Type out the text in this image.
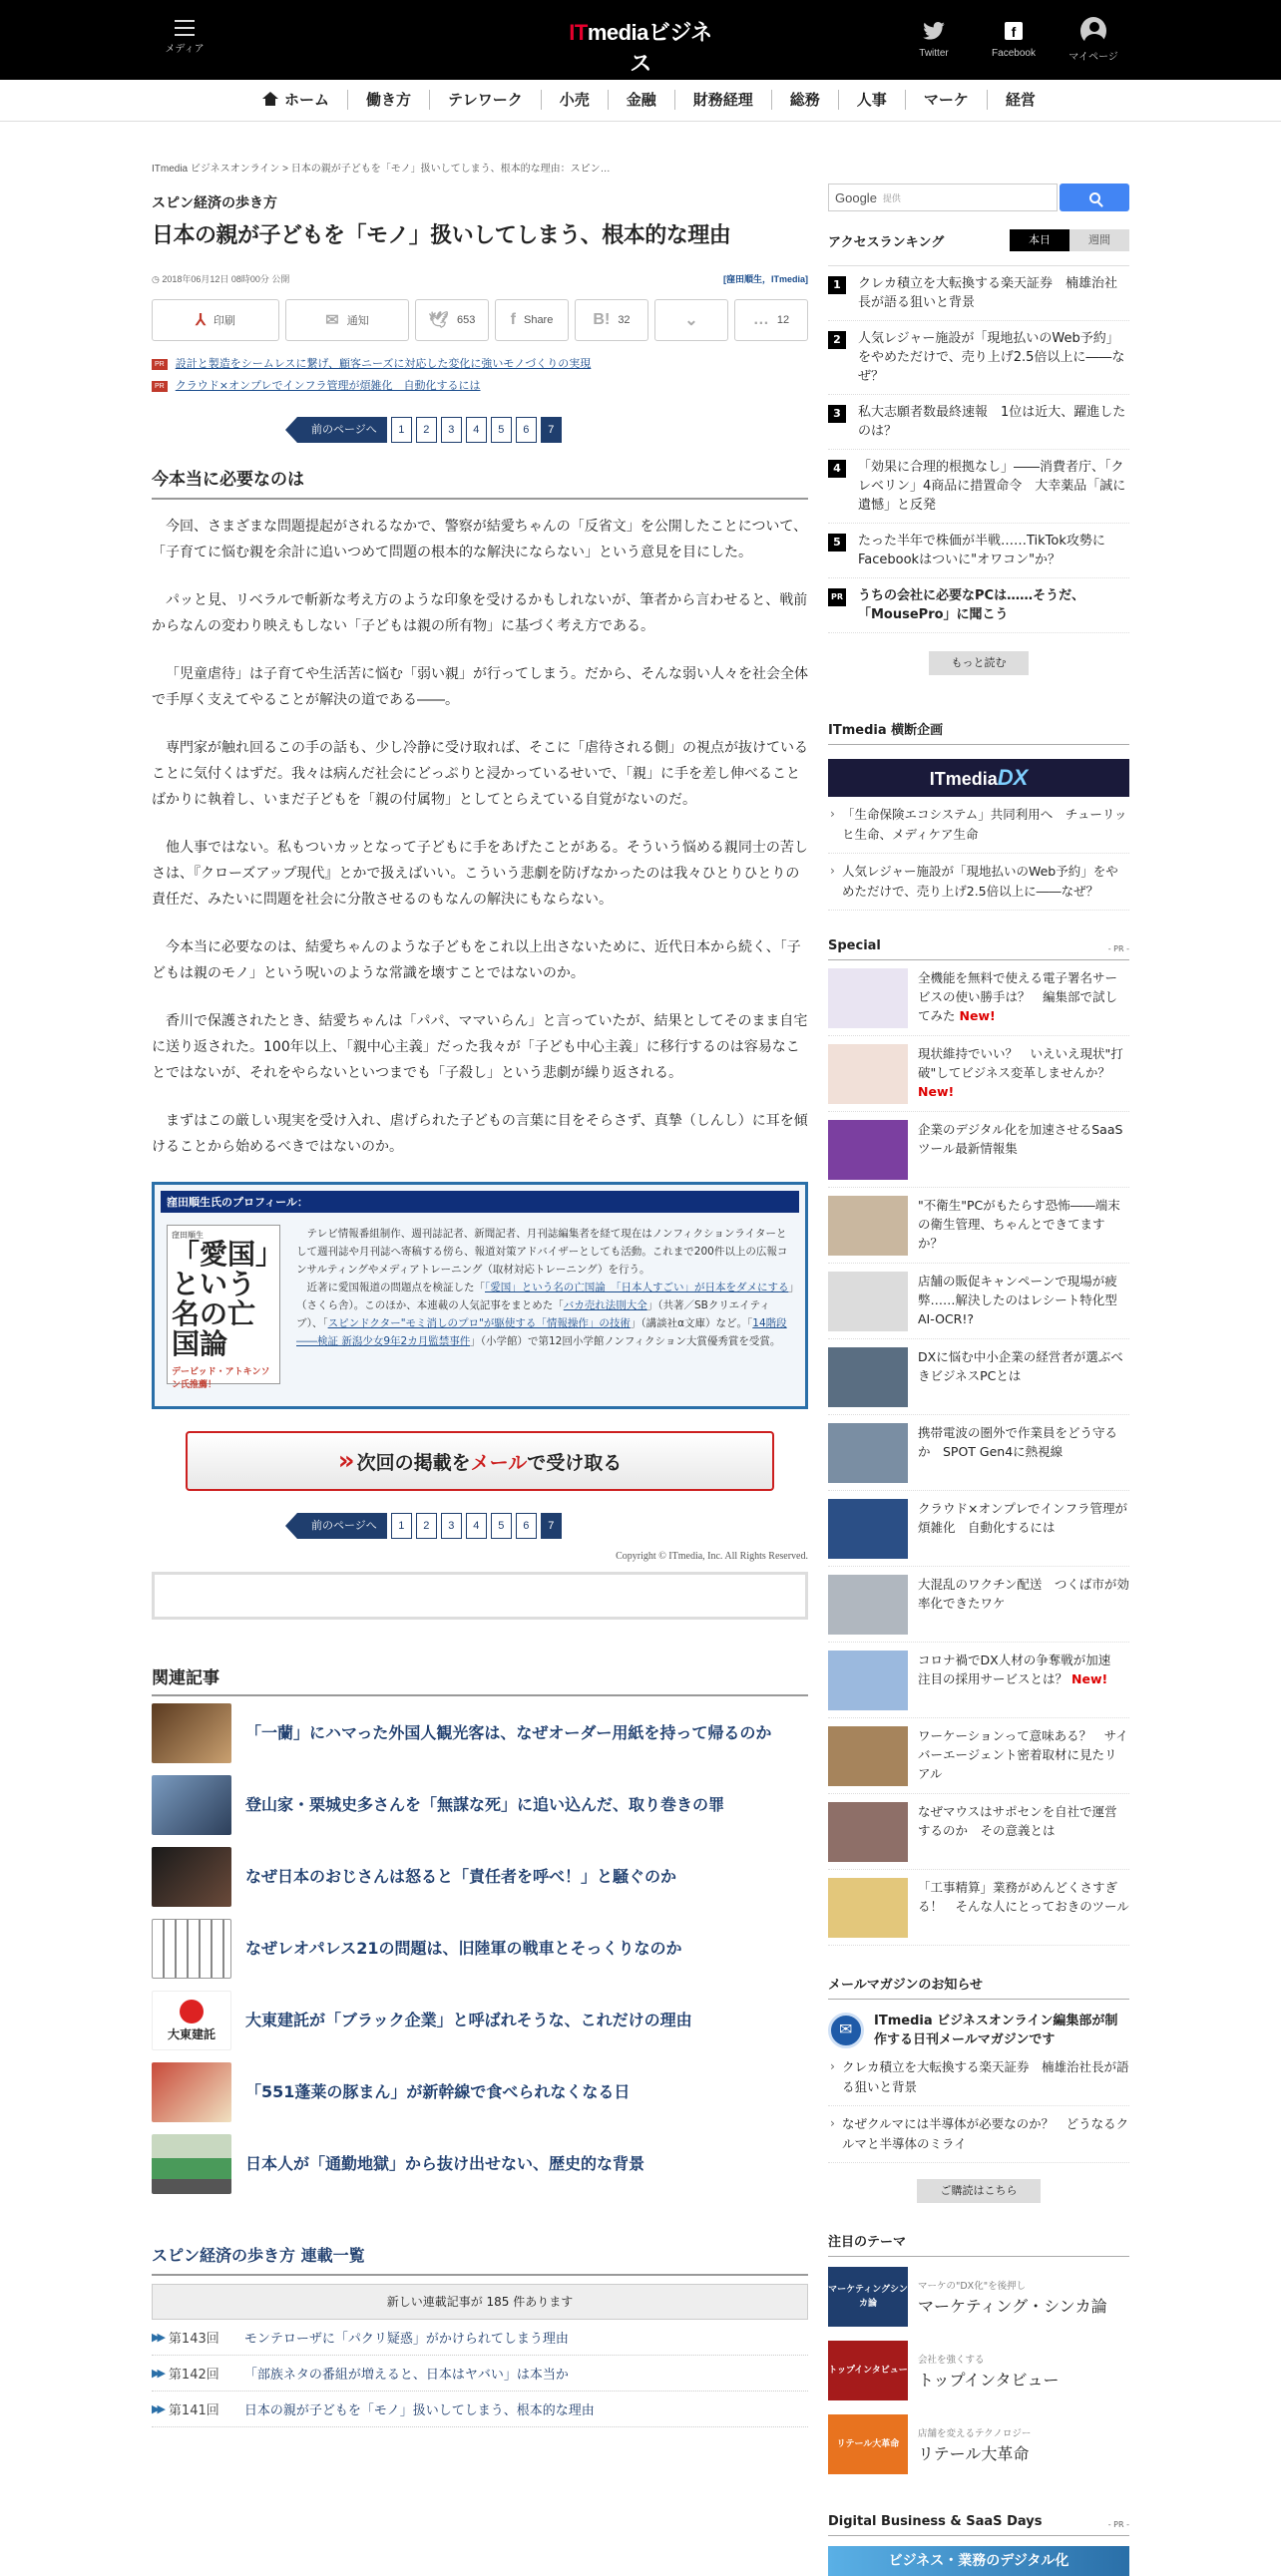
メディア
ITmediaビジネス	Twitter
f
Facebook	マイページ
ホーム	働き方	テレワーク	小売	金融	財務経理	総務	人事	マーケ	経営
ITmedia ビジネスオンライン > 日本の親が子どもを「モノ」扱いしてしまう、根本的な理由：スピン…
スピン経済の歩き方
日本の親が子どもを「モノ」扱いしてしまう、根本的な理由
◷ 2018年06月12日 08時00分 公開	[窪田順生，ITmedia]
⅄ 印刷	✉ 通知	🕊 653 f Share	B! 32	⌄	… 12
PR 設計と製造をシームレスに繋げ、顧客ニーズに対応した変化に強いモノづくりの実現
PR クラウド×オンプレでインフラ管理が煩雑化　自動化するには
前のページへ	1	2	3	4	5	6	7
今本当に必要なのは

今回、さまざまな問題提起がされるなかで、警察が結愛ちゃんの「反省文」を公開したことについて、「子育てに悩む親を余計に追いつめて問題の根本的な解決にならない」という意見を目にした。

パッと見、リベラルで斬新な考え方のような印象を受けるかもしれないが、筆者から言わせると、戦前からなんの変わり映えもしない「子どもは親の所有物」に基づく考え方である。

「児童虐待」は子育てや生活苦に悩む「弱い親」が行ってしまう。だから、そんな弱い人々を社会全体で手厚く支えてやることが解決の道である――。

専門家が触れ回るこの手の話も、少し冷静に受け取れば、そこに「虐待される側」の視点が抜けていることに気付くはずだ。我々は病んだ社会にどっぷりと浸かっているせいで、「親」に手を差し伸べることばかりに執着し、いまだ子どもを「親の付属物」としてとらえている自覚がないのだ。

他人事ではない。私もついカッとなって子どもに手をあげたことがある。そういう悩める親同士の苦しさは、『クローズアップ現代』とかで扱えばいい。こういう悲劇を防げなかったのは我々ひとりひとりの責任だ、みたいに問題を社会に分散させるのもなんの解決にもならない。

今本当に必要なのは、結愛ちゃんのような子どもをこれ以上出さないために、近代日本から続く、「子どもは親のモノ」という呪いのような常識を壊すことではないのか。

香川で保護されたとき、結愛ちゃんは「パパ、ママいらん」と言っていたが、結果としてそのまま自宅に送り返された。100年以上、「親中心主義」だった我々が「子ども中心主義」に移行するのは容易なことではないが、それをやらないといつまでも「子殺し」という悲劇が繰り返される。

まずはこの厳しい現実を受け入れ、虐げられた子どもの言葉に目をそらさず、真摯（しんし）に耳を傾けることから始めるべきではないのか。

窪田順生氏のプロフィール：
窪田順生
「愛国」という名の亡国論
デービッド・アトキンソン氏推薦！

テレビ情報番組制作、週刊誌記者、新聞記者、月刊誌編集者を経て現在はノンフィクションライターとして週刊誌や月刊誌へ寄稿する傍ら、報道対策アドバイザーとしても活動。これまで200件以上の広報コンサルティングやメディアトレーニング（取材対応トレーニング）を行う。

近著に愛国報道の問題点を検証した「「愛国」という名の亡国論　「日本人すごい」が日本をダメにする」（さくら舎）。このほか、本連載の人気記事をまとめた「バカ売れ法則大全」（共著／SBクリエイティブ）、「スピンドクター"モミ消しのプロ"が駆使する「情報操作」の技術」（講談社α文庫）など。「14階段――検証 新潟少女9年2カ月監禁事件」（小学館）で第12回小学館ノンフィクション大賞優秀賞を受賞。

» 次回の掲載を メール で受け取る
前のページへ	1	2	3	4	5	6	7
Copyright © ITmedia, Inc. All Rights Reserved.
関連記事
「一蘭」にハマった外国人観光客は、なぜオーダー用紙を持って帰るのか
登山家・栗城史多さんを「無謀な死」に追い込んだ、取り巻きの罪
なぜ日本のおじさんは怒ると「責任者を呼べ！」と騒ぐのか
なぜレオパレス21の問題は、旧陸軍の戦車とそっくりなのか
大東建託
大東建託が「ブラック企業」と呼ばれそうな、これだけの理由
「551蓬莱の豚まん」が新幹線で食べられなくなる日
日本人が「通勤地獄」から抜け出せない、歴史的な背景
スピン経済の歩き方 連載一覧
新しい連載記事が 185 件あります
▶▶ 第143回	モンテローザに「パクリ疑惑」がかけられてしまう理由
▶▶ 第142回	「部族ネタの番組が増えると、日本はヤバい」は本当か
▶▶ 第141回	日本の親が子どもを「モノ」扱いしてしまう、根本的な理由
Google 提供
アクセスランキング	本日	週間
1	クレカ積立を大転換する楽天証券　楠雄治社長が語る狙いと背景
2	人気レジャー施設が「現地払いのWeb予約」をやめただけで、売り上げ2.5倍以上に――なぜ？
3	私大志願者数最終速報　1位は近大、躍進したのは？
4	「効果に合理的根拠なし」――消費者庁、「クレベリン」4商品に措置命令　大幸薬品「誠に遺憾」と反発
5	たった半年で株価が半戦……TikTok攻勢にFacebookはついに"オワコン"か？
PR うちの会社に必要なPCは……そうだ、「MousePro」に聞こう
もっと読む
ITmedia 横断企画
ITmediaDX
› 「生命保険エコシステム」共同利用へ　チューリッヒ生命、メディケア生命
› 人気レジャー施設が「現地払いのWeb予約」をやめただけで、売り上げ2.5倍以上に――なぜ？
Special	- PR -
全機能を無料で使える電子署名サービスの使い勝手は？　編集部で試してみた New!
現状維持でいい？　いえいえ現状"打破"してビジネス変革しませんか？ New!
企業のデジタル化を加速させるSaaSツール最新情報集
"不衛生"PCがもたらす恐怖――端末の衛生管理、ちゃんとできてますか？
店舗の販促キャンペーンで現場が疲弊……解決したのはレシート特化型AI-OCR!?
DXに悩む中小企業の経営者が選ぶべきビジネスPCとは
携帯電波の圏外で作業員をどう守るか　SPOT Gen4に熱視線
クラウド×オンプレでインフラ管理が煩雑化　自動化するには
大混乱のワクチン配送　つくば市が効率化できたワケ
コロナ禍でDX人材の争奪戦が加速　注目の採用サービスとは？ New!
ワーケーションって意味ある？　サイバーエージェント密着取材に見たリアル
なぜマウスはサポセンを自社で運営するのか　その意義とは
「工事精算」業務がめんどくさすぎる！　そんな人にとっておきのツール
メールマガジンのお知らせ
✉
ITmedia ビジネスオンライン編集部が制作する日刊メールマガジンです
› クレカ積立を大転換する楽天証券　楠雄治社長が語る狙いと背景
› なぜクルマには半導体が必要なのか？　どうなるクルマと半導体のミライ
ご購読はこちら
注目のテーマ
マーケティングシンカ論
マーケの"DX化"を後押し
マーケティング・シンカ論
トップインタビュー
会社を強くする
トップインタビュー
リテール大革命
店舗を変えるテクノロジー
リテール大革命
Digital Business & SaaS Days	- PR -
ビジネス・業務のデジタル化
